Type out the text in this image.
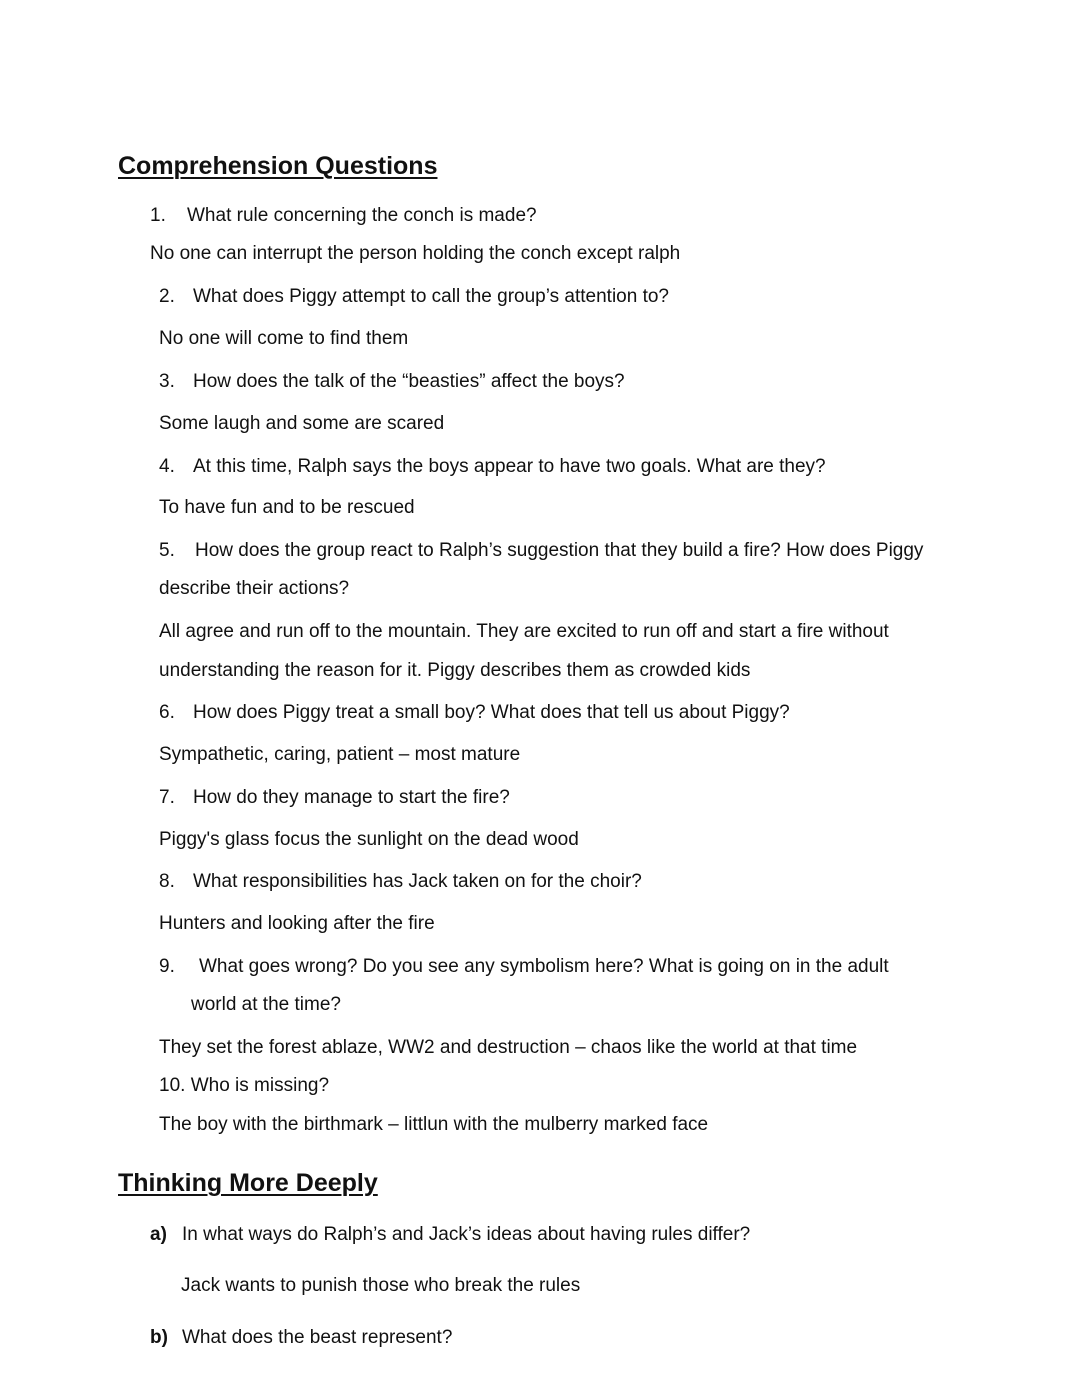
Comprehension Questions
1. What rule concerning the conch is made?
No one can interrupt the person holding the conch except ralph
2. What does Piggy attempt to call the group’s attention to?
No one will come to find them
3. How does the talk of the “beasties” affect the boys?
Some laugh and some are scared
4. At this time, Ralph says the boys appear to have two goals. What are they?
To have fun and to be rescued
5. How does the group react to Ralph’s suggestion that they build a fire? How does Piggy
describe their actions?
All agree and run off to the mountain. They are excited to run off and start a fire without
understanding the reason for it. Piggy describes them as crowded kids
6. How does Piggy treat a small boy? What does that tell us about Piggy?
Sympathetic, caring, patient – most mature
7. How do they manage to start the fire?
Piggy's glass focus the sunlight on the dead wood
8. What responsibilities has Jack taken on for the choir?
Hunters and looking after the fire
9. What goes wrong? Do you see any symbolism here? What is going on in the adult
world at the time?
They set the forest ablaze, WW2 and destruction – chaos like the world at that time
10. Who is missing?
The boy with the birthmark – littlun with the mulberry marked face
Thinking More Deeply
a) In what ways do Ralph’s and Jack’s ideas about having rules differ?
Jack wants to punish those who break the rules
b) What does the beast represent?
